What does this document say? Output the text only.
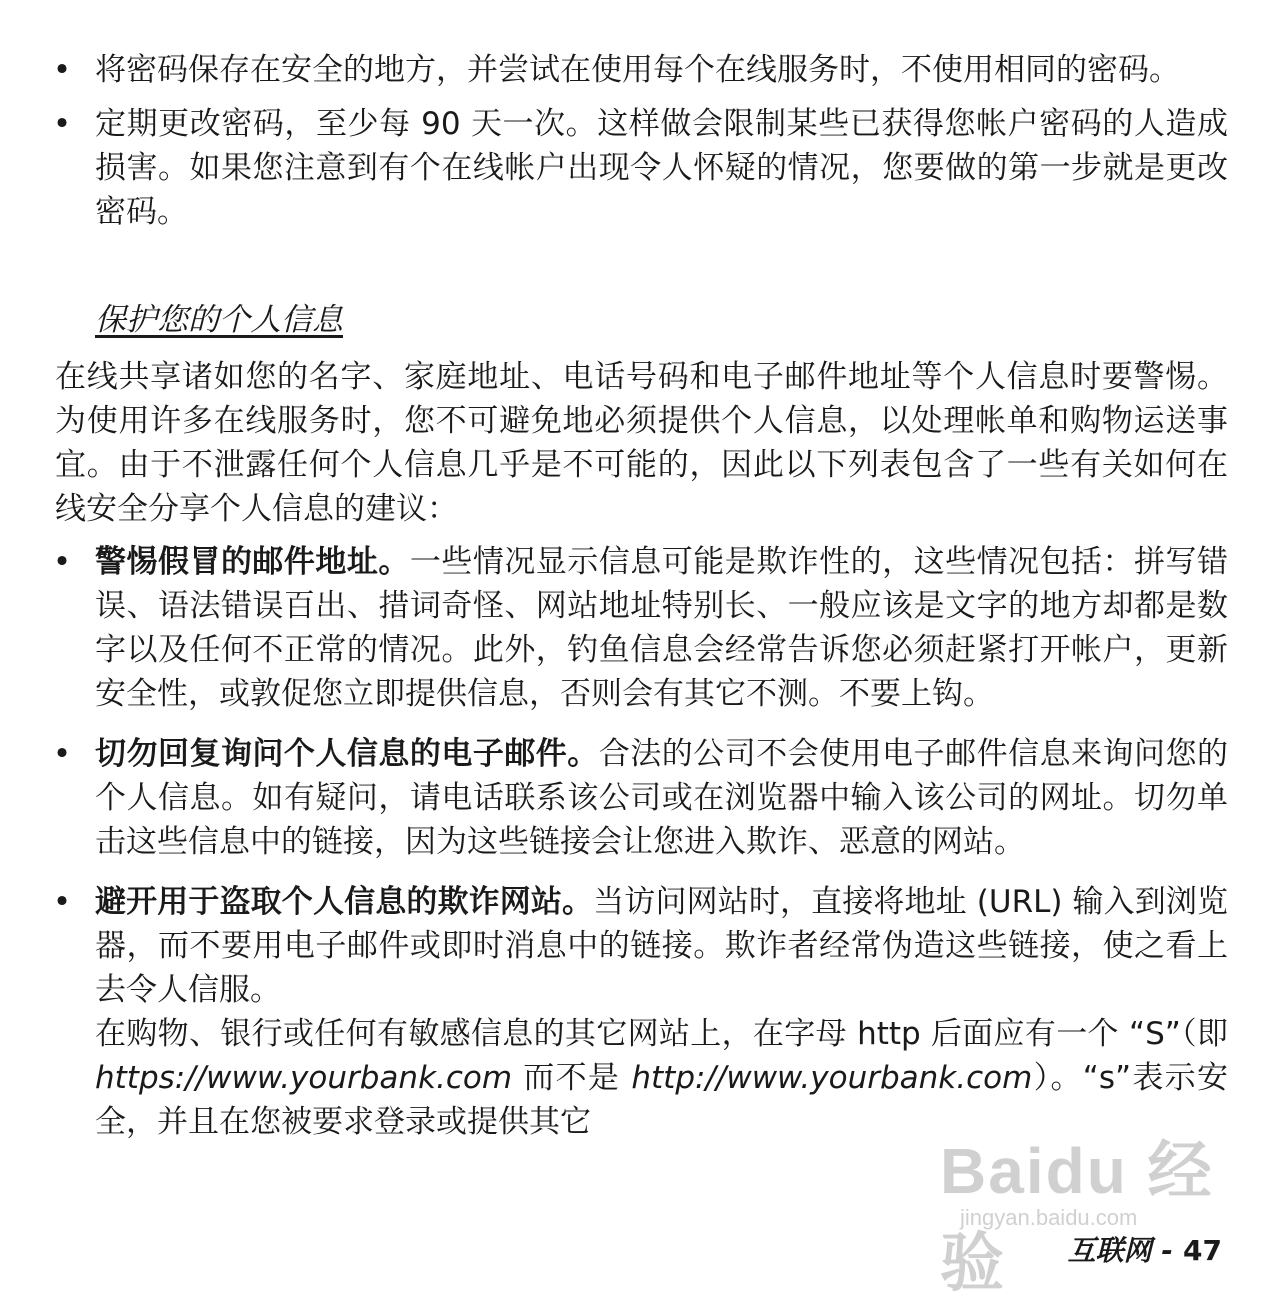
• 将密码保存在安全的地方，并尝试在使用每个在线服务时，不使用相同的密码。
• 定期更改密码，至少每 90 天一次。这样做会限制某些已获得您帐户密码的人造成损害。如果您注意到有个在线帐户出现令人怀疑的情况，您要做的第一步就是更改密码。
保护您的个人信息

在线共享诸如您的名字、家庭地址、电话号码和电子邮件地址等个人信息时要警惕。为使用许多在线服务时，您不可避免地必须提供个人信息，以处理帐单和购物运送事宜。由于不泄露任何个人信息几乎是不可能的，因此以下列表包含了一些有关如何在线安全分享个人信息的建议：

• 警惕假冒的邮件地址。一些情况显示信息可能是欺诈性的，这些情况包括：拼写错误、语法错误百出、措词奇怪、网站地址特别长、一般应该是文字的地方却都是数字以及任何不正常的情况。此外，钓鱼信息会经常告诉您必须赶紧打开帐户，更新安全性，或敦促您立即提供信息，否则会有其它不测。不要上钩。
• 切勿回复询问个人信息的电子邮件。合法的公司不会使用电子邮件信息来询问您的个人信息。如有疑问，请电话联系该公司或在浏览器中输入该公司的网址。切勿单击这些信息中的链接，因为这些链接会让您进入欺诈、恶意的网站。
• 避开用于盗取个人信息的欺诈网站。当访问网站时，直接将地址 (URL) 输入到浏览器，而不要用电子邮件或即时消息中的链接。欺诈者经常伪造这些链接，使之看上去令人信服。
在购物、银行或任何有敏感信息的其它网站上，在字母 http 后面应有一个 “S”（即 https://www.yourbank.com 而不是 http://www.yourbank.com）。“s”表示安全，并且在您被要求登录或提供其它
Baidu 经验
jingyan.baidu.com
互联网 - 47
